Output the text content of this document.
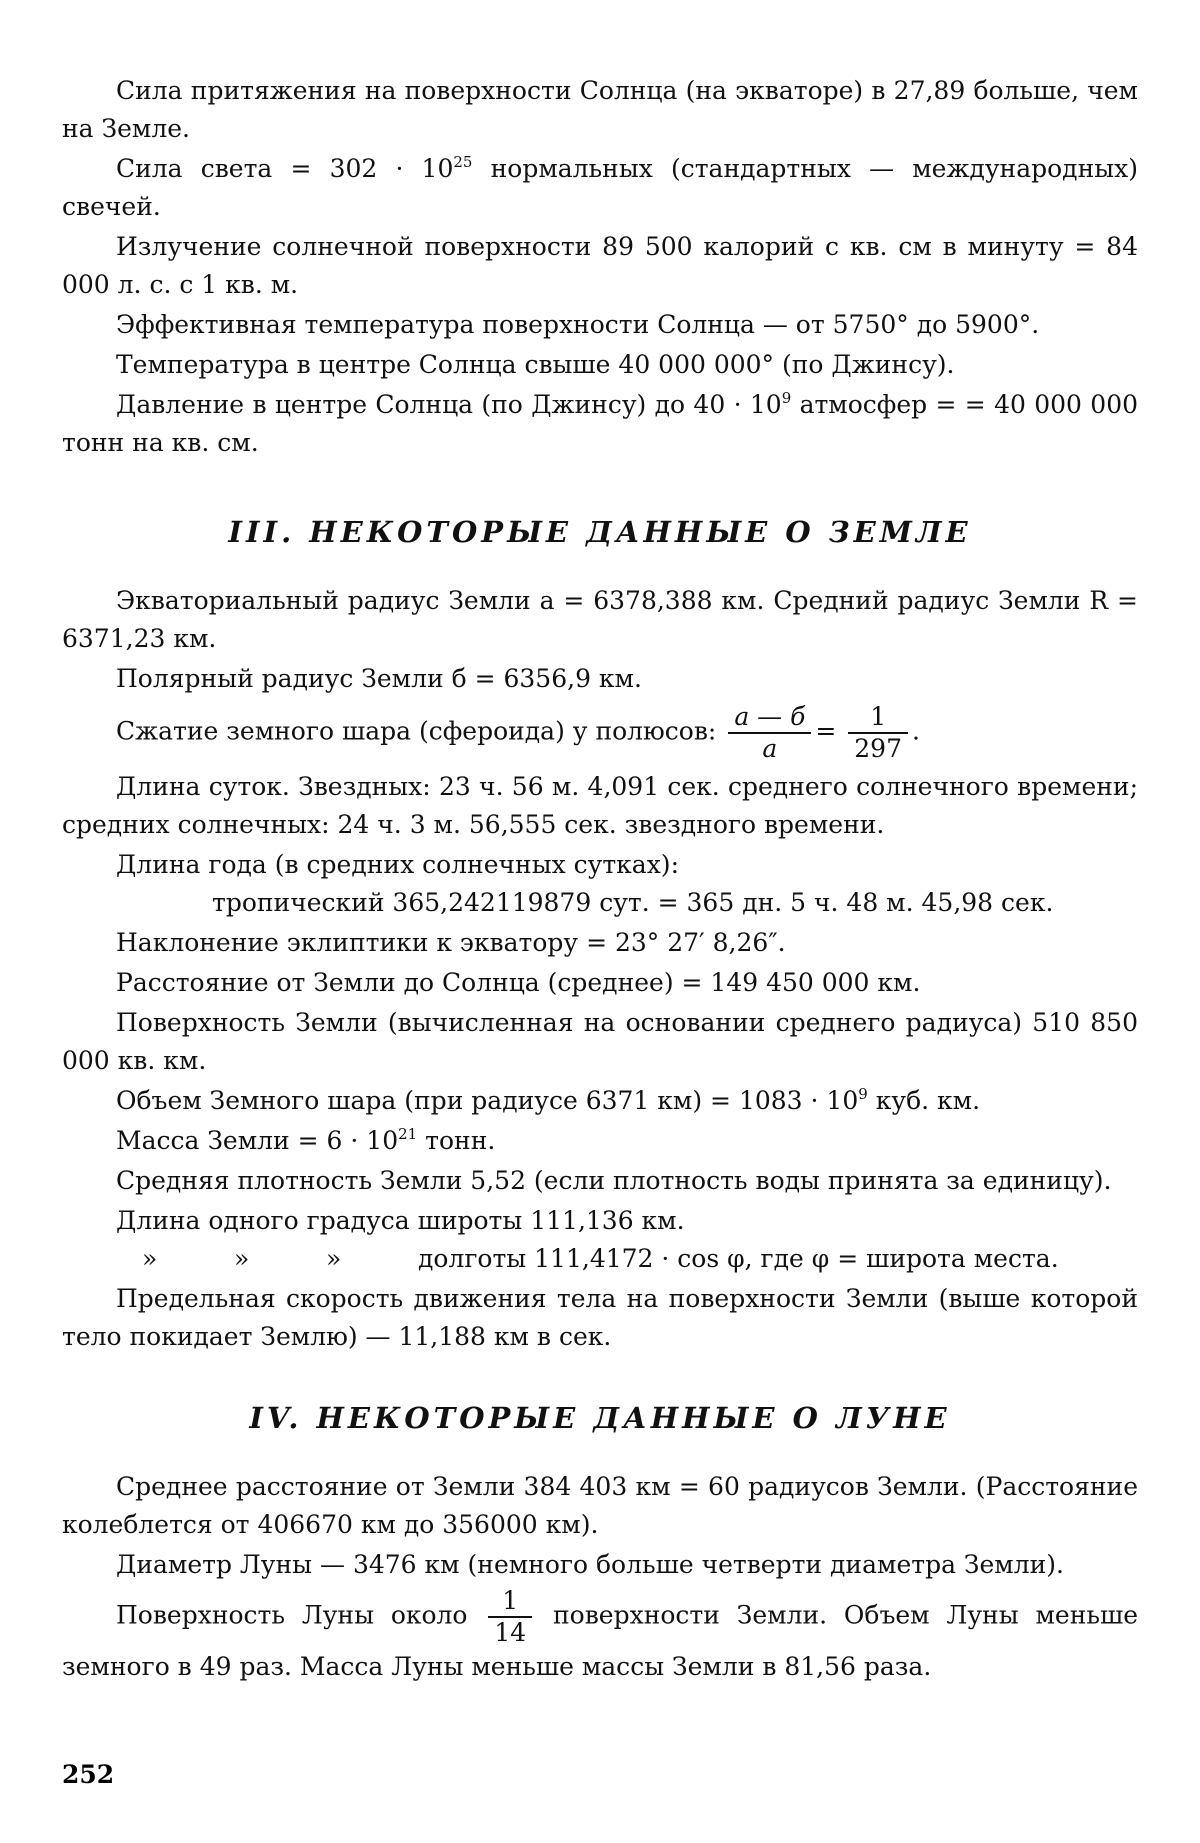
Сила притяжения на поверхности Солнца (на экваторе) в 27,89 больше, чем на Земле.

Сила света = $302 \cdot 10^{25}$ нормальных (стандартных — международных) свечей.

Излучение солнечной поверхности 89 500 калорий с кв. см в минуту = 84 000 л. с. с 1 кв. м.

Эффективная температура поверхности Солнца — от 5750° до 5900°.

Температура в центре Солнца свыше 40 000 000° (по Джинсу).

Давление в центре Солнца (по Джинсу) до $40 \cdot 10^9$ атмосфер = = 40 000 000 тонн на кв. см.

III. НЕКОТОРЫЕ ДАННЫЕ О ЗЕМЛЕ

Экваториальный радиус Земли a = 6378,388 км. Средний радиус Земли R = 6371,23 км.

Полярный радиус Земли б = 6356,9 км.

Сжатие земного шара (сфероида) у полюсов: $\frac{a — б}{a} = \frac{1}{297}$ .

Длина суток. Звездных: 23 ч. 56 м. 4,091 сек. среднего солнечного времени; средних солнечных: 24 ч. 3 м. 56,555 сек. звездного времени.

Длина года (в средних солнечных сутках):

тропический 365,242119879 сут. = 365 дн. 5 ч. 48 м. 45,98 сек.

Наклонение эклиптики к экватору = 23° 27′ 8,26″.

Расстояние от Земли до Солнца (среднее) = 149 450 000 км.

Поверхность Земли (вычисленная на основании среднего радиуса) 510 850 000 кв. км.

Объем Земного шара (при радиусе 6371 $км) = 1083 \cdot 10^9$ куб. км.

Масса Земли = $6 \cdot 10^{21}$ тонн.

Средняя плотность Земли 5,52 (если плотность воды принята за единицу).

Длина одного градуса широты 111,136 км.

»	»	»	долготы 111,4172 · cos φ, где φ = широта места.

Предельная скорость движения тела на поверхности Земли (выше которой тело покидает Землю) — 11,188 км в сек.

IV. НЕКОТОРЫЕ ДАННЫЕ О ЛУНЕ

Среднее расстояние от Земли 384 403 км = 60 радиусов Земли. (Расстояние колеблется от 406670 км до 356000 км).

Диаметр Луны — 3476 км (немного больше четверти диаметра Земли).

Поверхность Луны около $\frac{1}{14}$ поверхности Земли. Объем Луны меньше земного в 49 раз. Масса Луны меньше массы Земли в 81,56 раза.

252
